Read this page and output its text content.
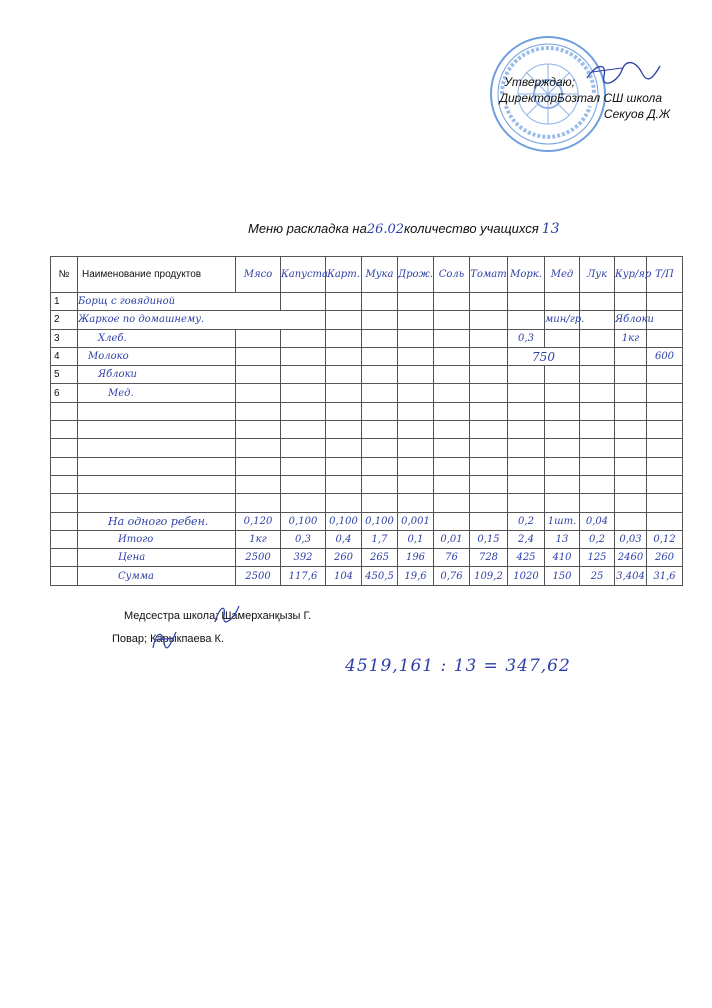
Утверждаю;
ДиректорБозтал СШ школа
Секуов Д.Ж
Меню раскладка на26.02количество учащихся 13
№	Наименование продуктов	Мясо	Капуста	Карт.	Мука	Дрож.	Соль	Томат	Морк.	Мед	Лук	Кур/яр	Т/П
1	Борщ с говядиной												
2	Жаркое по домашнему.									мин/гр.		Яблоки	
3	Хлеб.								0,3			1кг	
4	Молоко								750				600
5	Яблоки												
6	Мед.												

	На одного ребен.	0,120	0,100	0,100	0,100	0,001			0,2	1шт.	0,04		
	Итого	1кг	0,3	0,4	1,7	0,1	0,01	0,15	2,4	13	0,2	0,03	0,12
	Цена	2500	392	260	265	196	76	728	425	410	125	2460	260
	Сумма	2500	117,6	104	450,5	19,6	0,76	109,2	1020	150	25	3,404	31,6
Медсестра школа; Шамерханқызы Г.
Повар; Карыкпаева К.
4519,161 : 13 = 347,62
